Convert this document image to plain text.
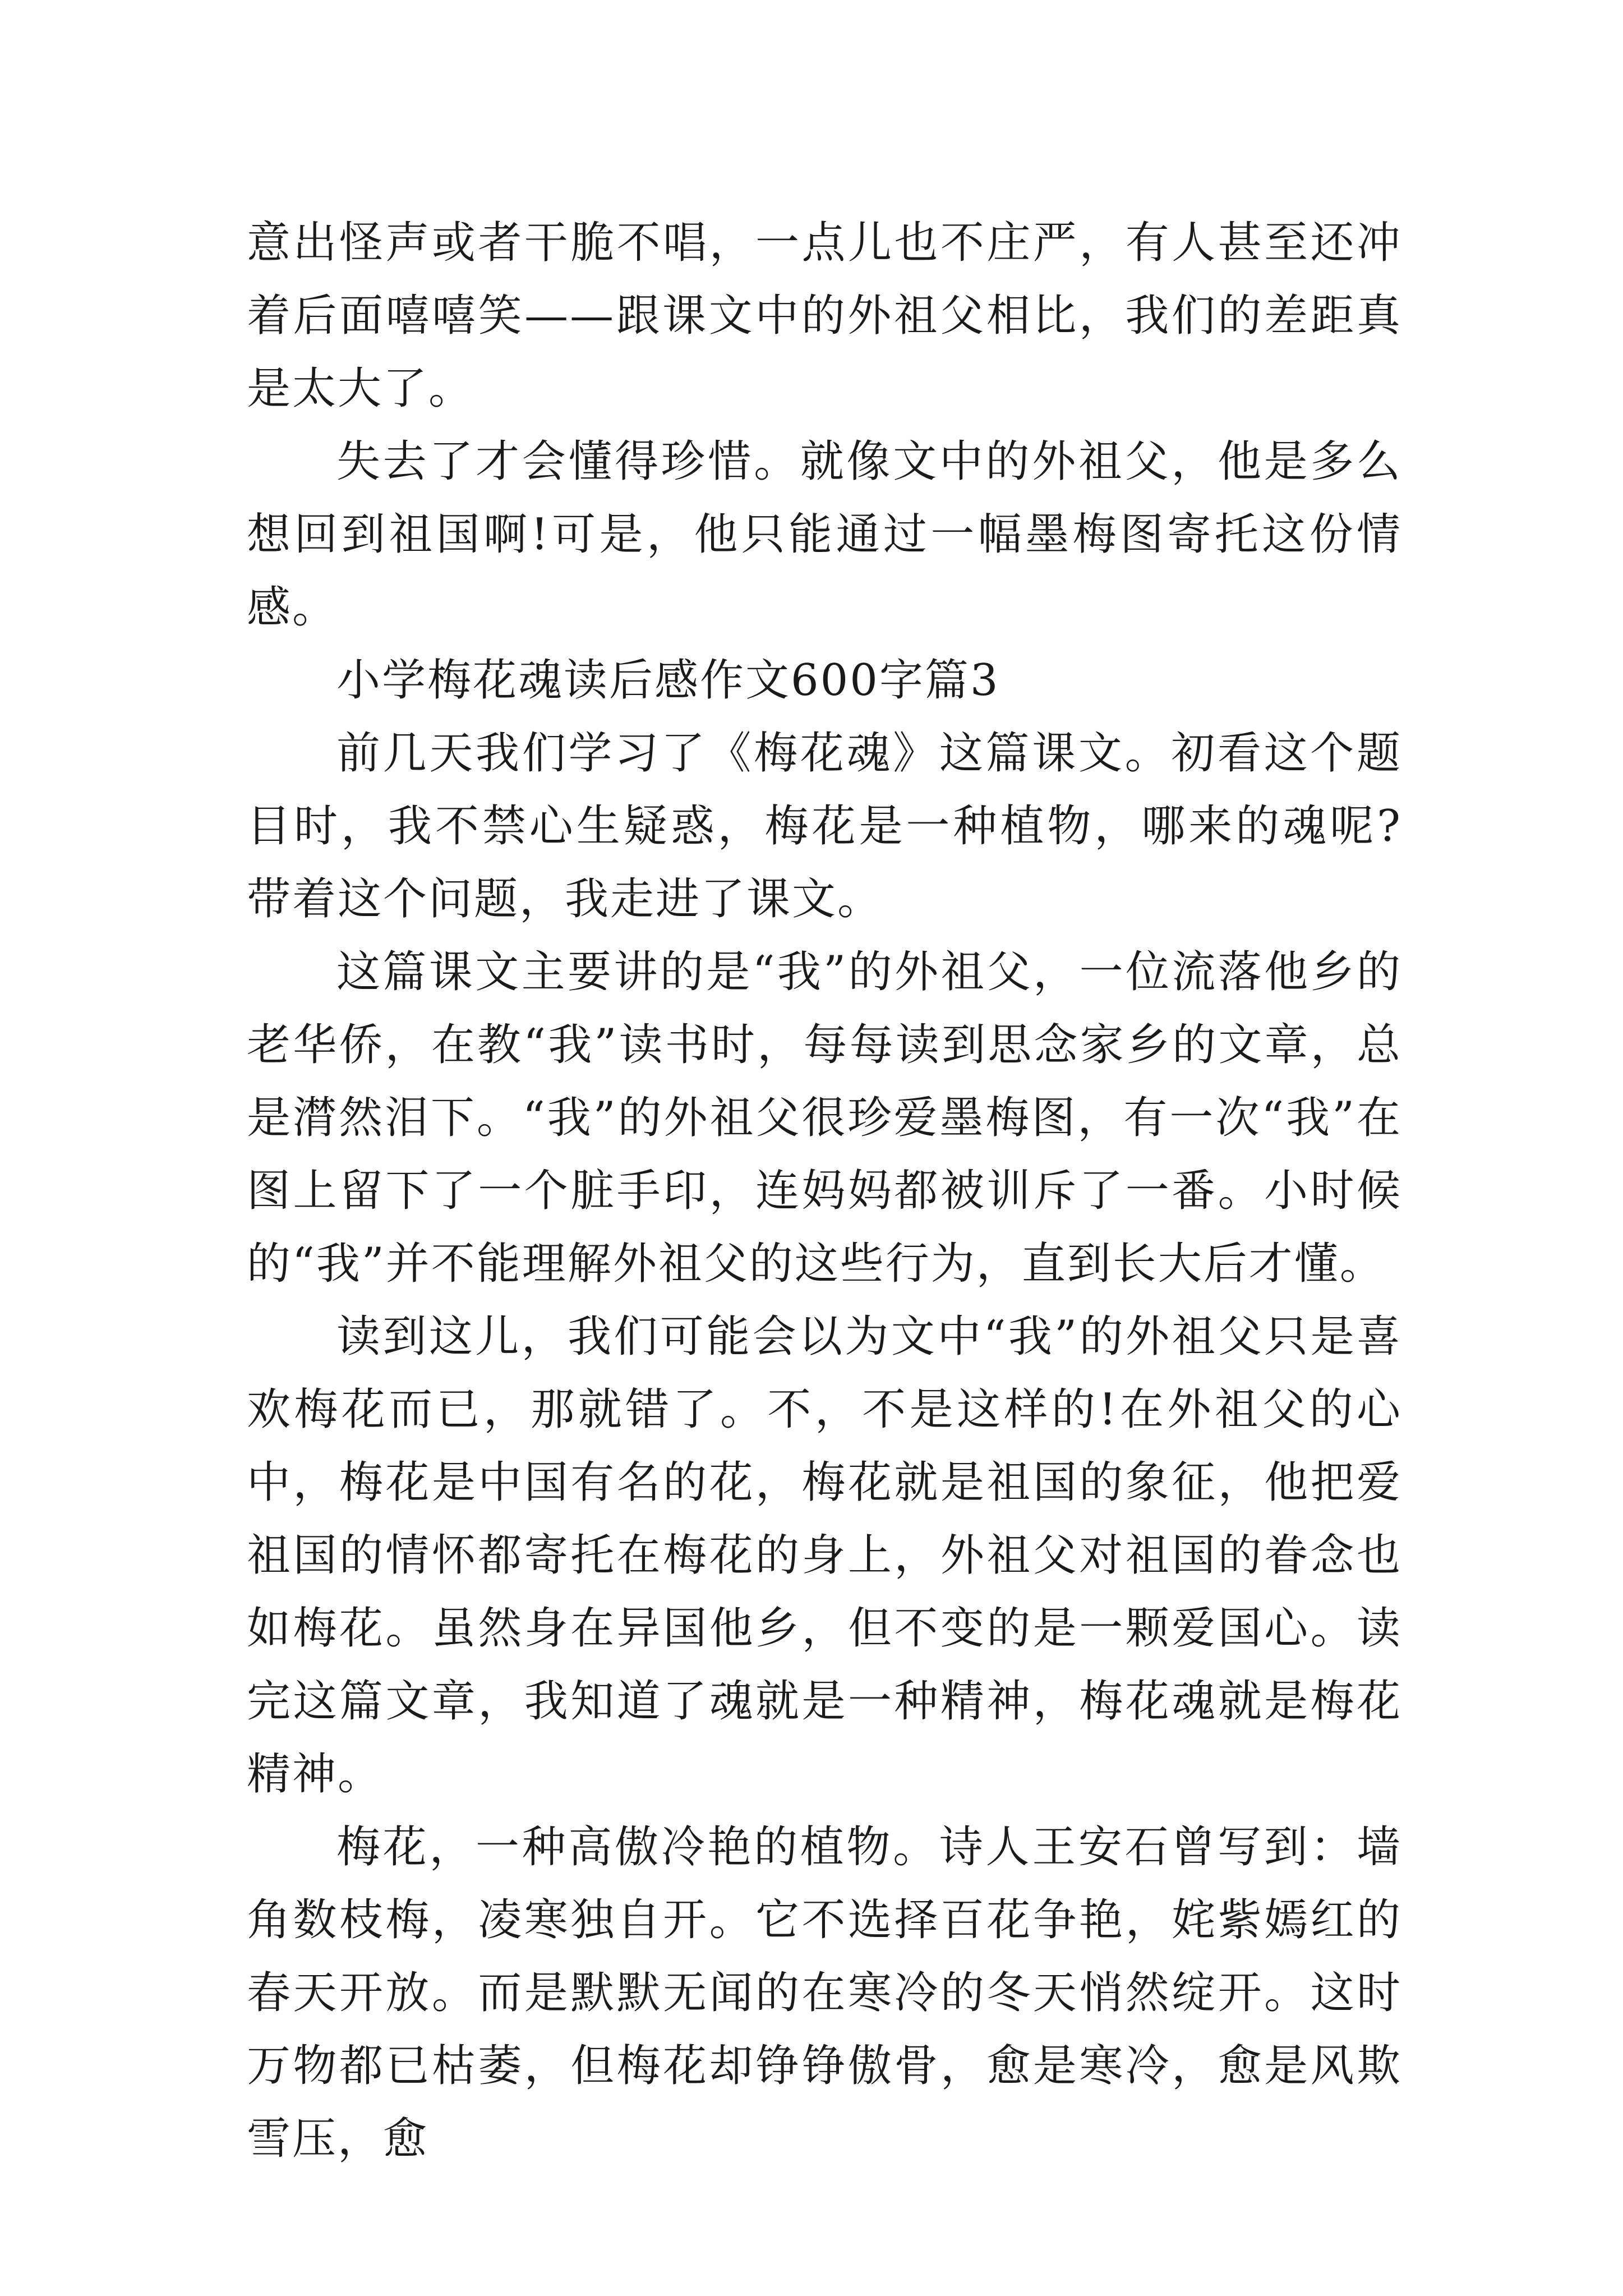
意出怪声或者干脆不唱，一点儿也不庄严，有人甚至还冲着后面嘻嘻笑——跟课文中的外祖父相比，我们的差距真是太大了。

失去了才会懂得珍惜。就像文中的外祖父，他是多么想回到祖国啊!可是，他只能通过一幅墨梅图寄托这份情感。

小学梅花魂读后感作文600字篇3

前几天我们学习了《梅花魂》这篇课文。初看这个题目时，我不禁心生疑惑，梅花是一种植物，哪来的魂呢?带着这个问题，我走进了课文。

这篇课文主要讲的是“我”的外祖父，一位流落他乡的老华侨，在教“我”读书时，每每读到思念家乡的文章，总是潸然泪下。“我”的外祖父很珍爱墨梅图，有一次“我”在图上留下了一个脏手印，连妈妈都被训斥了一番。小时候的“我”并不能理解外祖父的这些行为，直到长大后才懂。

读到这儿，我们可能会以为文中“我”的外祖父只是喜欢梅花而已，那就错了。不，不是这样的!在外祖父的心中，梅花是中国有名的花，梅花就是祖国的象征，他把爱祖国的情怀都寄托在梅花的身上，外祖父对祖国的眷念也如梅花。虽然身在异国他乡，但不变的是一颗爱国心。读完这篇文章，我知道了魂就是一种精神，梅花魂就是梅花精神。

梅花，一种高傲冷艳的植物。诗人王安石曾写到：墙角数枝梅，凌寒独自开。它不选择百花争艳，姹紫嫣红的春天开放。而是默默无闻的在寒冷的冬天悄然绽开。这时万物都已枯萎，但梅花却铮铮傲骨，愈是寒冷，愈是风欺雪压，愈
